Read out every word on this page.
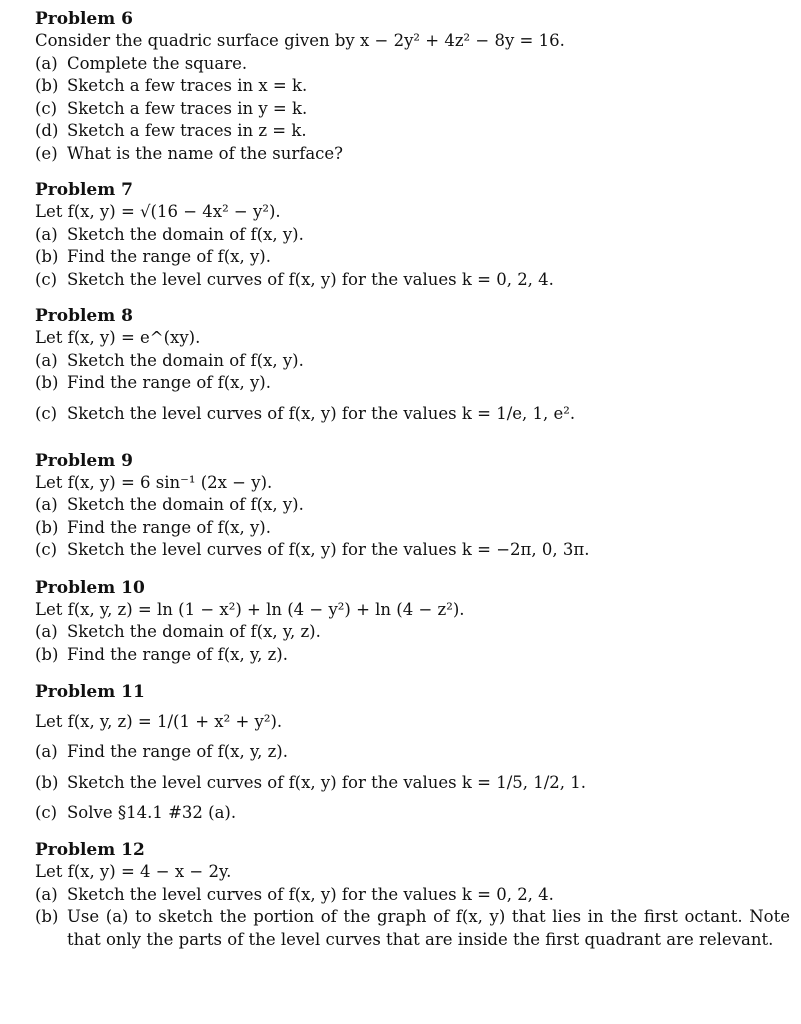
Problem 6
Consider the quadric surface given by x − 2y² + 4z² − 8y = 16.
(a) Complete the square.
(b) Sketch a few traces in x = k.
(c) Sketch a few traces in y = k.
(d) Sketch a few traces in z = k.
(e) What is the name of the surface?
Problem 7
Let f(x, y) = √(16 − 4x² − y²).
(a) Sketch the domain of f(x, y).
(b) Find the range of f(x, y).
(c) Sketch the level curves of f(x, y) for the values k = 0, 2, 4.
Problem 8
Let f(x, y) = e^(xy).
(a) Sketch the domain of f(x, y).
(b) Find the range of f(x, y).
(c) Sketch the level curves of f(x, y) for the values k = 1/e, 1, e².
Problem 9
Let f(x, y) = 6 sin⁻¹ (2x − y).
(a) Sketch the domain of f(x, y).
(b) Find the range of f(x, y).
(c) Sketch the level curves of f(x, y) for the values k = −2π, 0, 3π.
Problem 10
Let f(x, y, z) = ln (1 − x²) + ln (4 − y²) + ln (4 − z²).
(a) Sketch the domain of f(x, y, z).
(b) Find the range of f(x, y, z).
Problem 11
Let f(x, y, z) = 1/(1 + x² + y²).
(a) Find the range of f(x, y, z).
(b) Sketch the level curves of f(x, y) for the values k = 1/5, 1/2, 1.
(c) Solve §14.1 #32 (a).
Problem 12
Let f(x, y) = 4 − x − 2y.
(a) Sketch the level curves of f(x, y) for the values k = 0, 2, 4.
(b) Use (a) to sketch the portion of the graph of f(x, y) that lies in the first octant. Note that only the parts of the level curves that are inside the first quadrant are relevant.
